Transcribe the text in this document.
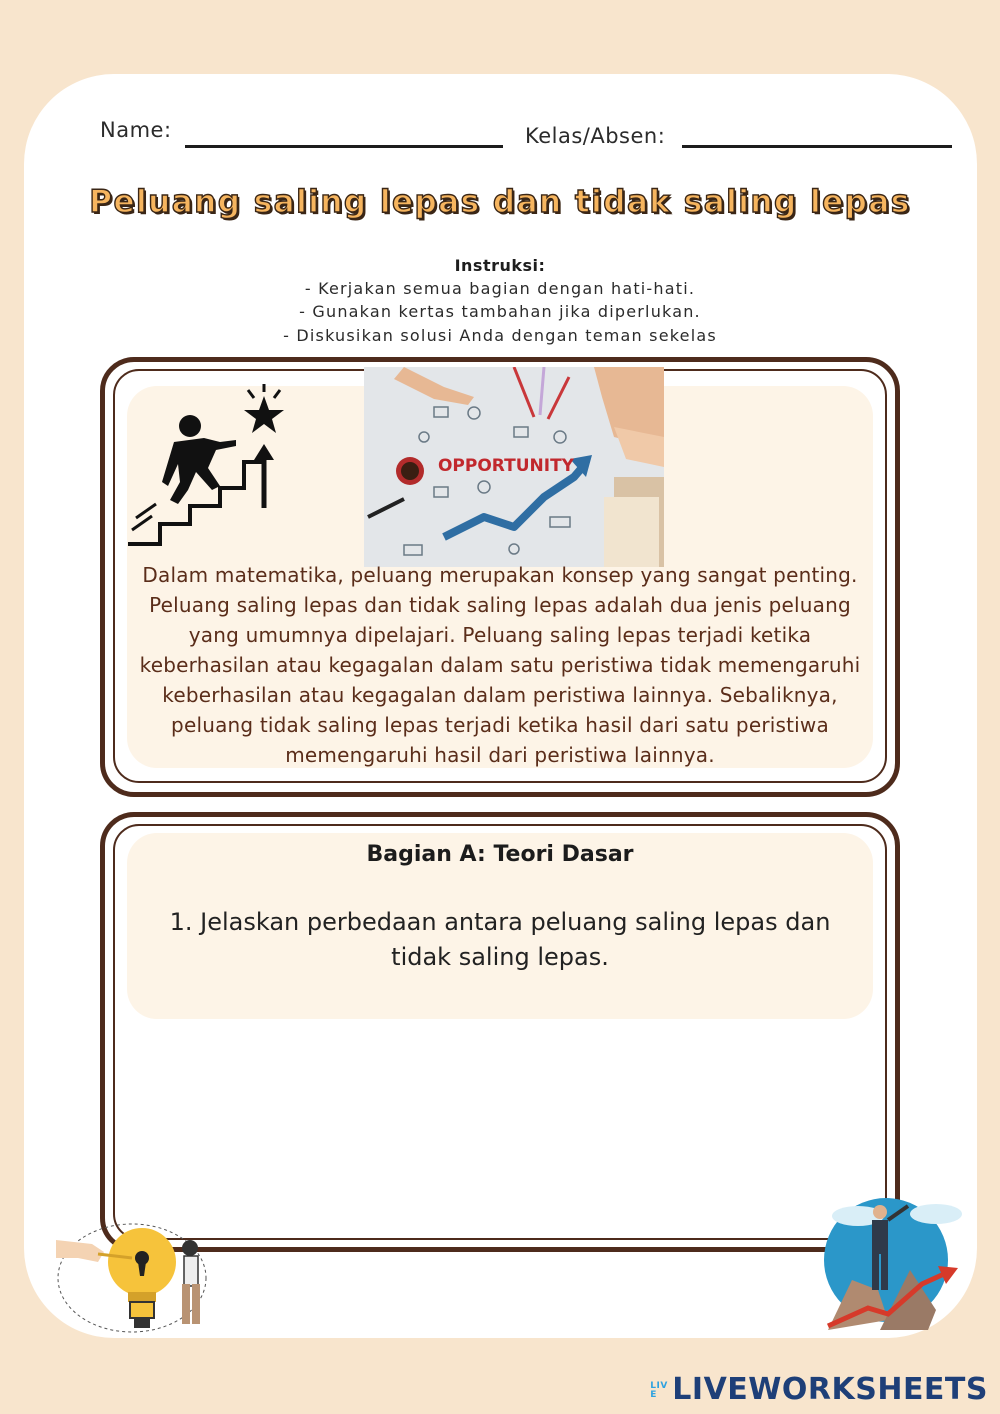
Name:	Kelas/Absen:
Peluang saling lepas dan tidak saling lepas
Instruksi:
- Kerjakan semua bagian dengan hati-hati.
- Gunakan kertas tambahan jika diperlukan.
- Diskusikan solusi Anda dengan teman sekelas
OPPORTUNITY
Dalam matematika, peluang merupakan konsep yang sangat penting. Peluang saling lepas dan tidak saling lepas adalah dua jenis peluang yang umumnya dipelajari. Peluang saling lepas terjadi ketika keberhasilan atau kegagalan dalam satu peristiwa tidak memengaruhi keberhasilan atau kegagalan dalam peristiwa lainnya. Sebaliknya, peluang tidak saling lepas terjadi ketika hasil dari satu peristiwa memengaruhi hasil dari peristiwa lainnya.
Bagian A: Teori Dasar
1. Jelaskan perbedaan antara peluang saling lepas dan tidak saling lepas.
LIVE LIVEWORKSHEETS
